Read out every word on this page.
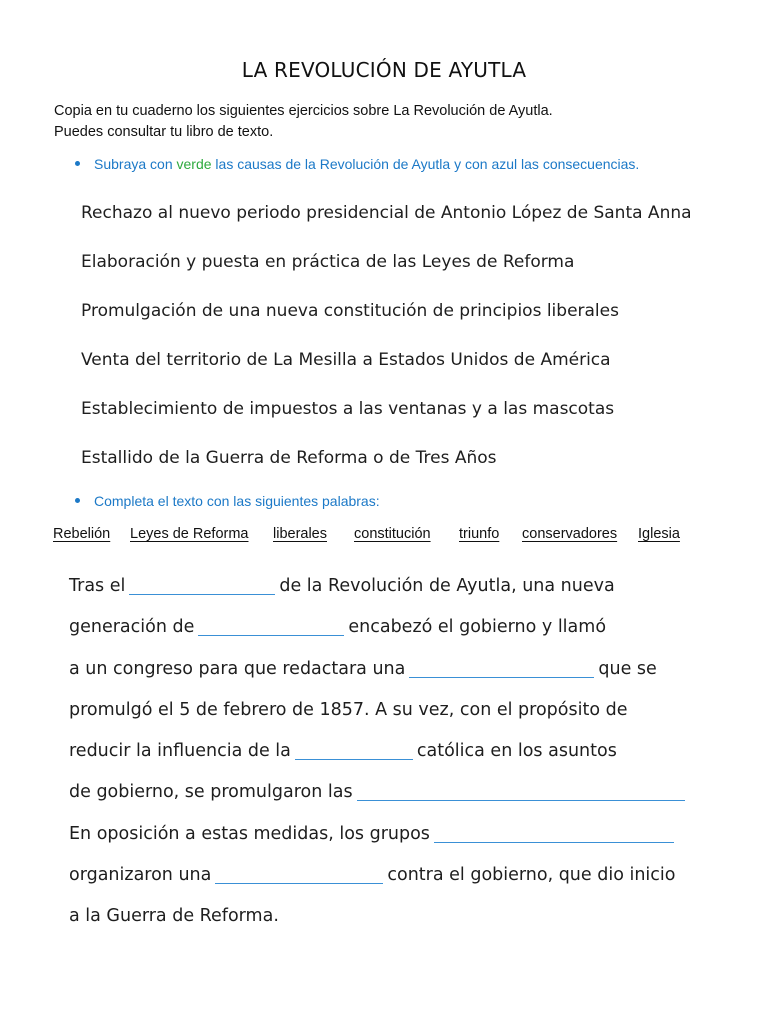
LA REVOLUCIÓN DE AYUTLA
Copia en tu cuaderno los siguientes ejercicios sobre La Revolución de Ayutla.
Puedes consultar tu libro de texto.
Subraya con verde las causas de la Revolución de Ayutla y con azul las consecuencias.
Rechazo al nuevo periodo presidencial de Antonio López de Santa Anna
Elaboración y puesta en práctica de las Leyes de Reforma
Promulgación de una nueva constitución de principios liberales
Venta del territorio de La Mesilla a Estados Unidos de América
Establecimiento de impuestos a las ventanas y a las mascotas
Estallido de la Guerra de Reforma o de Tres Años
Completa el texto con las siguientes palabras:
Rebelión Leyes de Reforma liberales constitución triunfo conservadores Iglesia
Tras el	de la Revolución de Ayutla, una nueva
generación de	encabezó el gobierno y llamó
a un congreso para que redactara una	que se
promulgó el 5 de febrero de 1857. A su vez, con el propósito de
reducir la influencia de la	católica en los asuntos
de gobierno, se promulgaron las
En oposición a estas medidas, los grupos
organizaron una	contra el gobierno, que dio inicio
a la Guerra de Reforma.
